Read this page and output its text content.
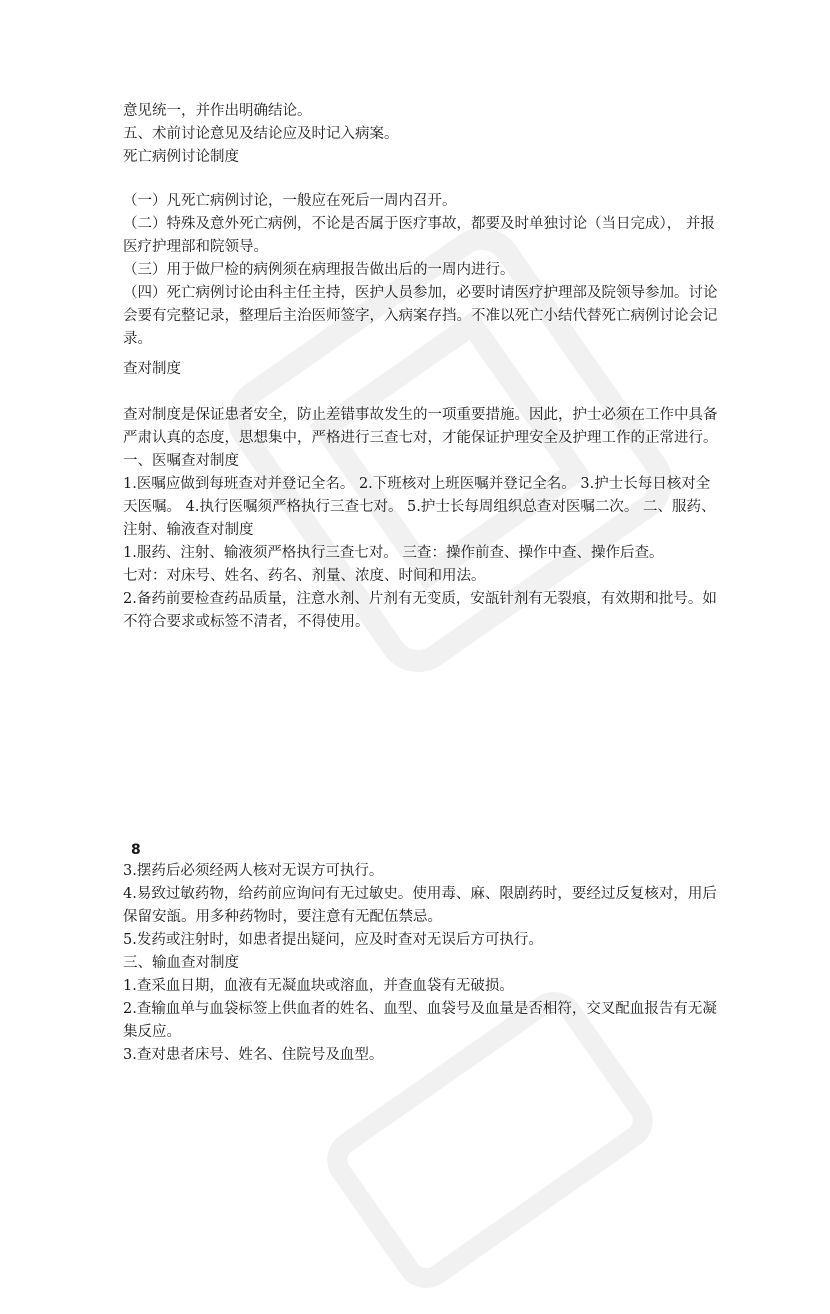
意见统一，并作出明确结论。
五、术前讨论意见及结论应及时记入病案。
死亡病例讨论制度
（一）凡死亡病例讨论，一般应在死后一周内召开。
（二）特殊及意外死亡病例，不论是否属于医疗事故，都要及时单独讨论（当日完成）， 并报医疗护理部和院领导。
（三）用于做尸检的病例须在病理报告做出后的一周内进行。
（四）死亡病例讨论由科主任主持，医护人员参加，必要时请医疗护理部及院领导参加。讨论会要有完整记录，整理后主治医师签字，入病案存挡。不准以死亡小结代替死亡病例讨论会记录。
查对制度
查对制度是保证患者安全，防止差错事故发生的一项重要措施。因此，护士必须在工作中具备严肃认真的态度，思想集中，严格进行三查七对，才能保证护理安全及护理工作的正常进行。
一、医嘱查对制度
1.医嘱应做到每班查对并登记全名。 2.下班核对上班医嘱并登记全名。 3.护士长每日核对全天医嘱。 4.执行医嘱须严格执行三查七对。 5.护士长每周组织总查对医嘱二次。 二、服药、注射、输液查对制度
1.服药、注射、输液须严格执行三查七对。 三查：操作前查、操作中查、操作后查。
七对：对床号、姓名、药名、剂量、浓度、时间和用法。
2.备药前要检查药品质量，注意水剂、片剂有无变质，安瓿针剂有无裂痕，有效期和批号。如不符合要求或标签不清者，不得使用。
8
3.摆药后必须经两人核对无误方可执行。
4.易致过敏药物，给药前应询问有无过敏史。使用毒、麻、限剧药时，要经过反复核对，用后保留安瓿。用多种药物时，要注意有无配伍禁忌。
5.发药或注射时，如患者提出疑问，应及时查对无误后方可执行。
三、输血查对制度
1.查采血日期，血液有无凝血块或溶血，并查血袋有无破损。
2.查输血单与血袋标签上供血者的姓名、血型、血袋号及血量是否相符，交叉配血报告有无凝集反应。
3.查对患者床号、姓名、住院号及血型。
